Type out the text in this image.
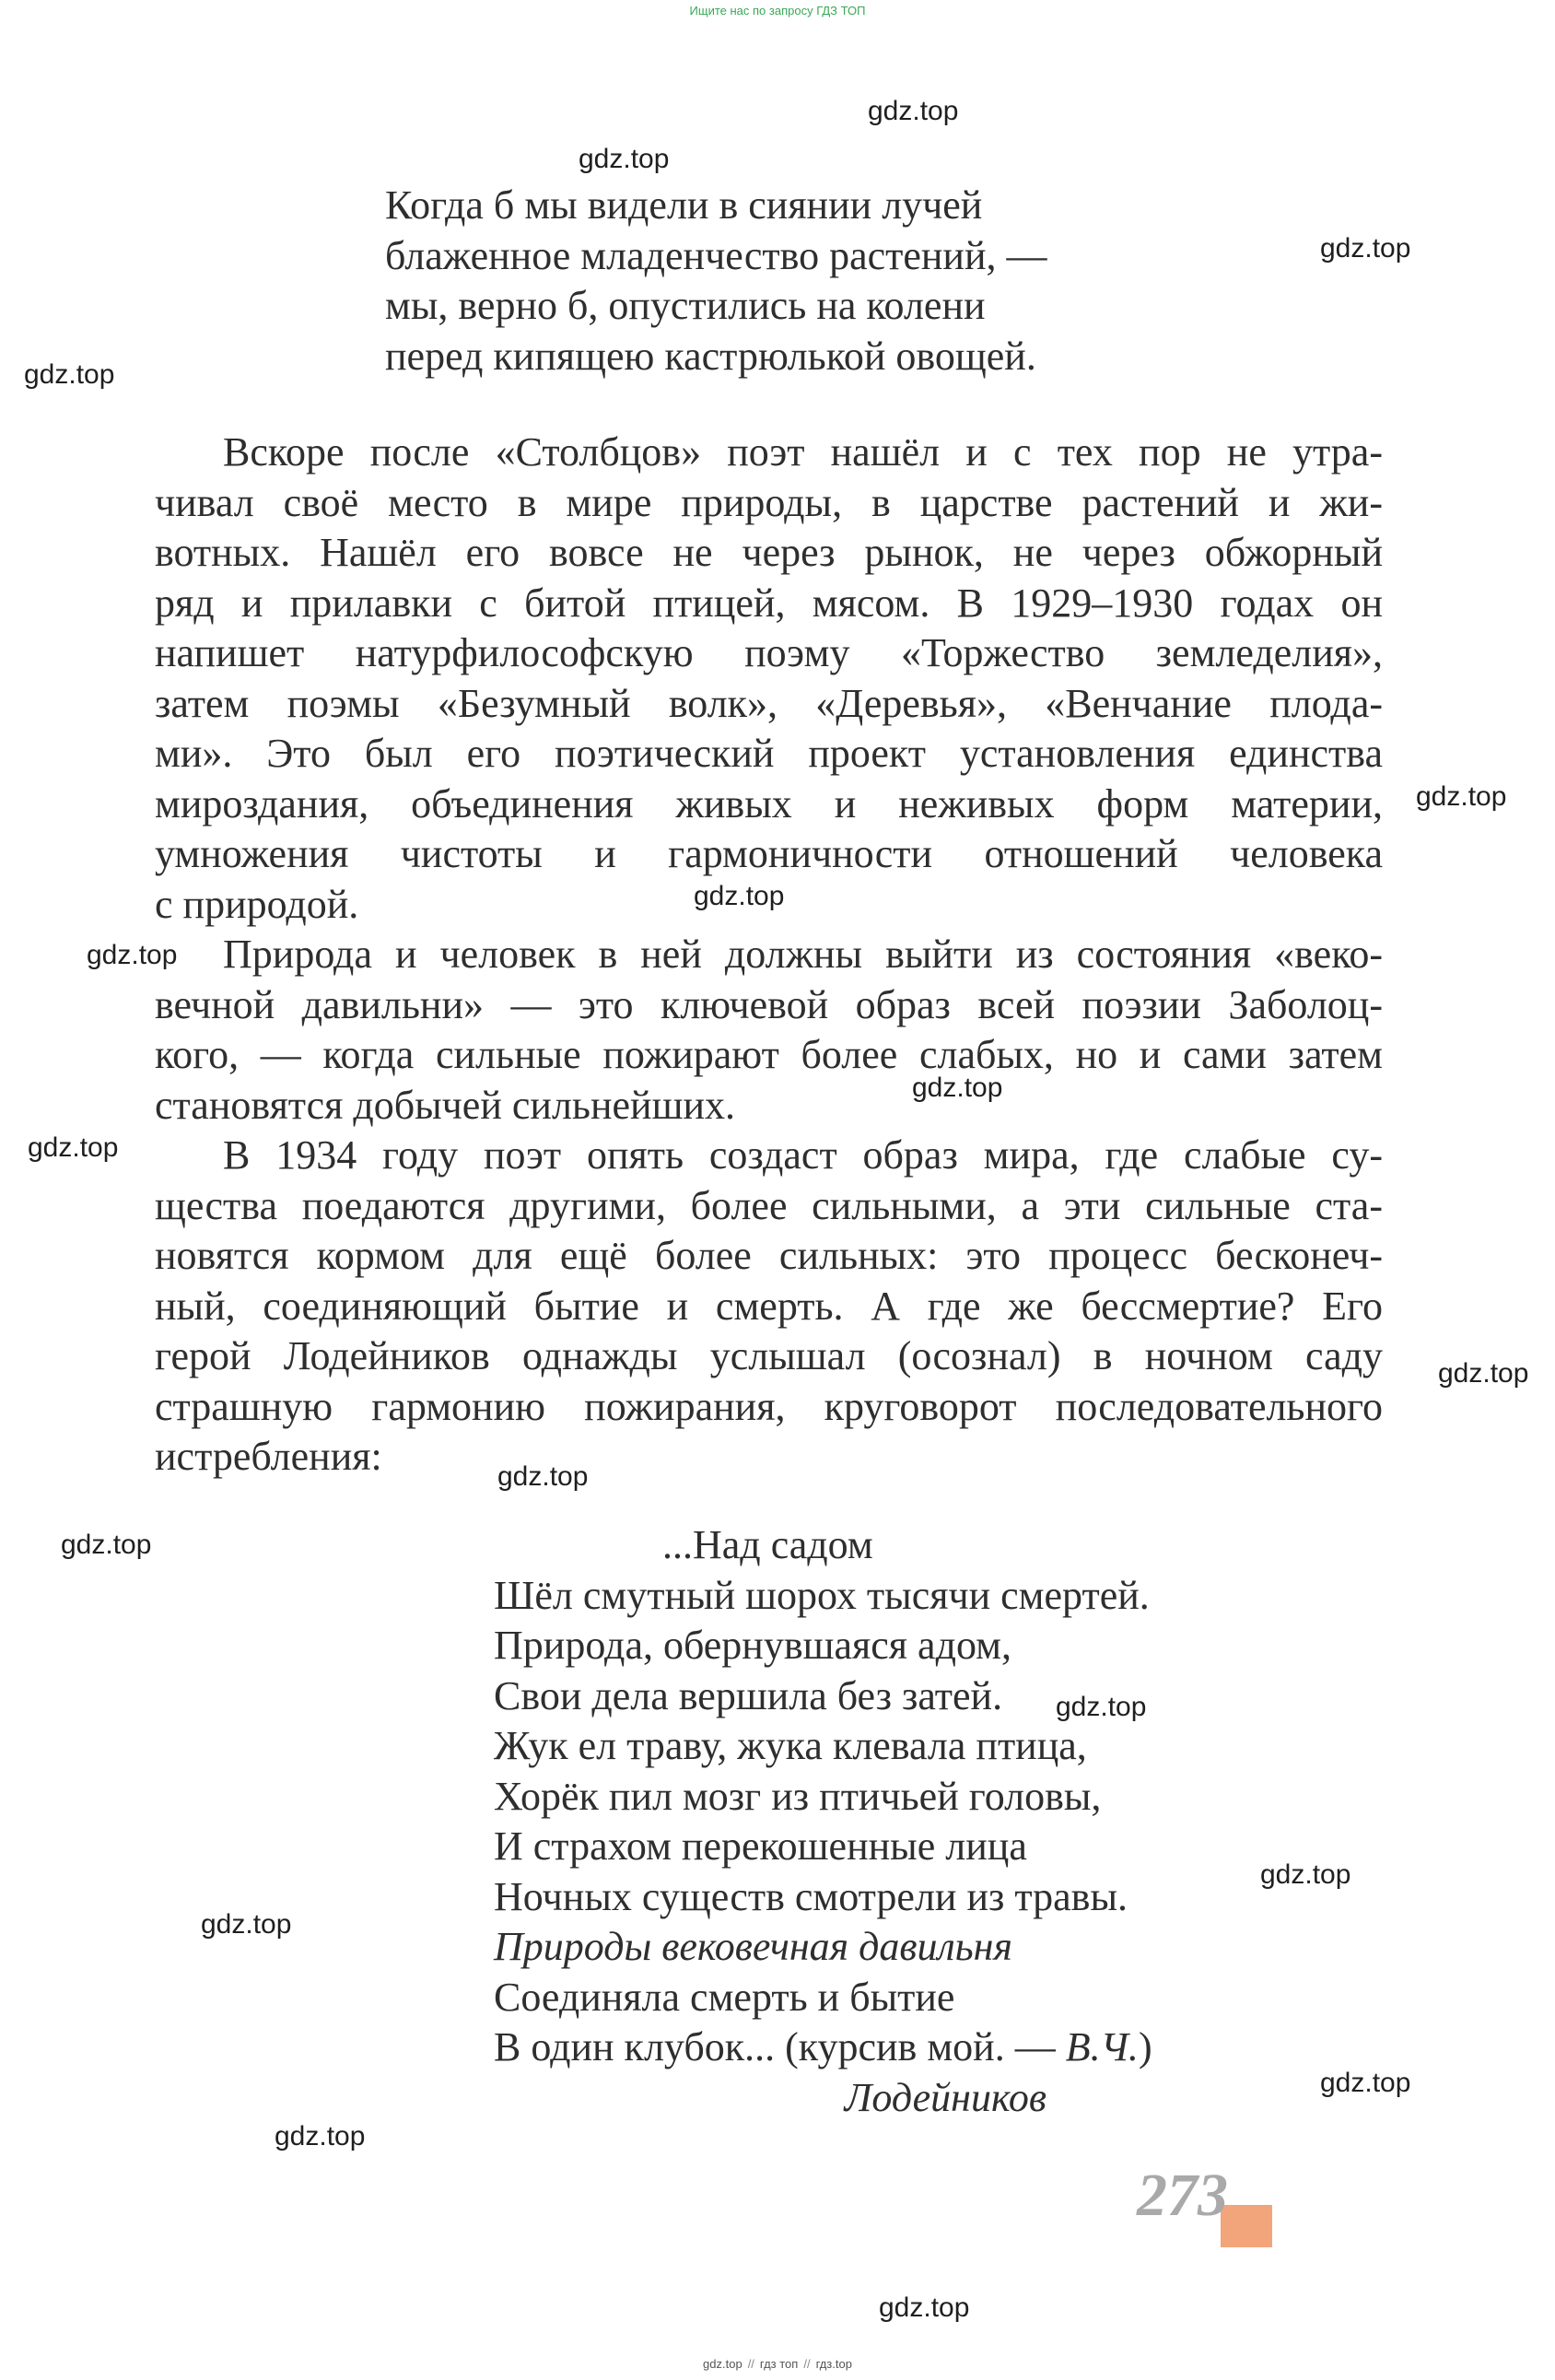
Ищите нас по запросу ГДЗ ТОП
Когда б мы видели в сиянии лучей
блаженное младенчество растений, —
мы, верно б, опустились на колени
перед кипящею кастрюлькой овощей.
Вскоре после «Столбцов» поэт нашёл и с тех пор не утра-
чивал своё место в мире природы, в царстве растений и жи-
вотных. Нашёл его вовсе не через рынок, не через обжорный
ряд и прилавки с битой птицей, мясом. В 1929–1930 годах он
напишет натурфилософскую поэму «Торжество земледелия»,
затем поэмы «Безумный волк», «Деревья», «Венчание плода-
ми». Это был его поэтический проект установления единства
мироздания, объединения живых и неживых форм материи,
умножения чистоты и гармоничности отношений человека
с природой.
Природа и человек в ней должны выйти из состояния «веко-
вечной давильни» — это ключевой образ всей поэзии Заболоц-
кого, — когда сильные пожирают более слабых, но и сами затем
становятся добычей сильнейших.
В 1934 году поэт опять создаст образ мира, где слабые су-
щества поедаются другими, более сильными, а эти сильные ста-
новятся кормом для ещё более сильных: это процесс бесконеч-
ный, соединяющий бытие и смерть. А где же бессмертие? Его
герой Лодейников однажды услышал (осознал) в ночном саду
страшную гармонию пожирания, круговорот последовательного
истребления:
...Над садом
Шёл смутный шорох тысячи смертей.
Природа, обернувшаяся адом,
Свои дела вершила без затей.
Жук ел траву, жука клевала птица,
Хорёк пил мозг из птичьей головы,
И страхом перекошенные лица
Ночных существ смотрели из травы.
Природы вековечная давильня
Соединяла смерть и бытие
В один клубок... (курсив мой. — В.Ч.)
Лодейников
273
gdz.top
gdz.top
gdz.top
gdz.top
gdz.top
gdz.top
gdz.top
gdz.top
gdz.top
gdz.top
gdz.top
gdz.top
gdz.top
gdz.top
gdz.top
gdz.top
gdz.top
gdz.top
gdz.top // гдз топ // гдз.top
